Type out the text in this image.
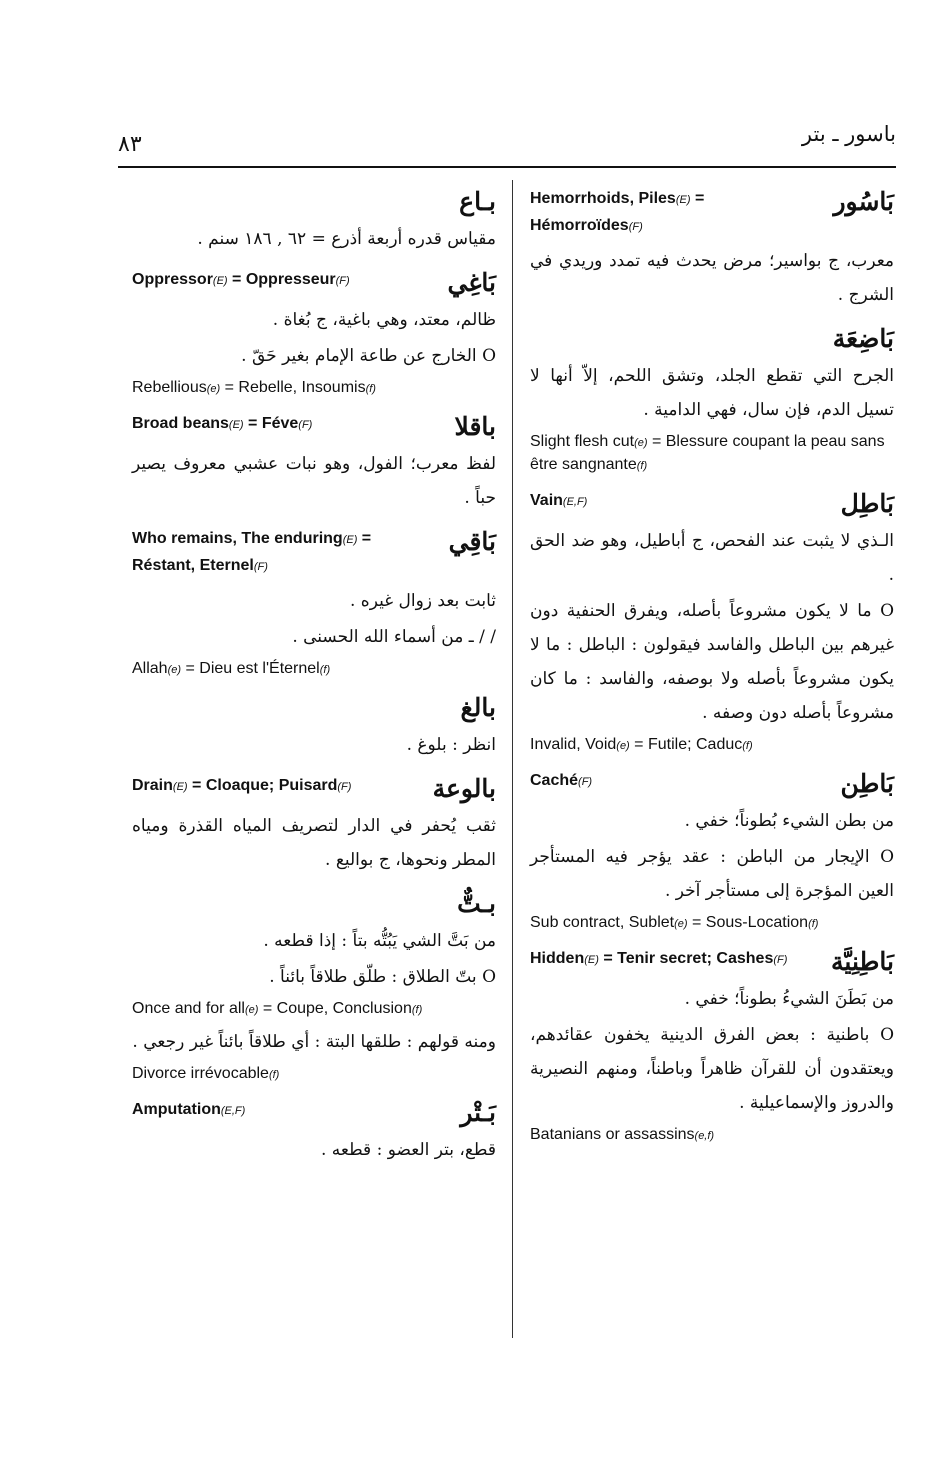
٨٣	باسور ـ بتر
Hemorrhoids, Piles(E) = Hémorroïdes(F)
بَاسُور
معرب، ج بواسير؛ مرض يحدث فيه تمدد وريدي في الشرج .
بَاضِعَة
الجرح التي تقطع الجلد، وتشق اللحم، إلاّ أنها لا تسيل الدم، فإن سال، فهي الدامية .
Slight flesh cut(e) = Blessure coupant la peau sans être sangnante(f)
Vain(E,F)	بَاطِل
الـذي لا يثبت عند الفحص، ج أباطيل، وهو ضد الحق .
O ما لا يكون مشروعاً بأصله، ويفرق الحنفية دون غيرهم بين الباطل والفاسد فيقولون : الباطل : ما لا يكون مشروعاً بأصله ولا بوصفه، والفاسد : ما كان مشروعاً بأصله دون وصفه .
Invalid, Void(e) = Futile; Caduc(f)
Caché(F)	بَاطِن
من بطن الشيء بُطوناً؛ خفي .
O الإيجار من الباطن : عقد يؤجر فيه المستأجر العين المؤجرة إلى مستأجر آخر .
Sub contract, Sublet(e) = Sous-Location(f)
Hidden(E) = Tenir secret; Cashes(F) بَاطِنِيَّة
من بَطَنَ الشيءُ بطوناً؛ خفي .
O باطنية : بعض الفرق الدينية يخفون عقائدهم، ويعتقدون أن للقرآن ظاهراً وباطناً، ومنهم النصيرية والدروز والإسماعيلية .
Batanians or assassins(e,f)
بـاع
مقياس قدره أربعة أذرع = ٦٢ , ١٨٦ سنم .
Oppressor(E) = Oppresseur(F)	بَاغِي
ظالم، معتد، وهي باغية، ج بُغاة .
O الخارج عن طاعة الإمام بغير حَقّ .
Rebellious(e) = Rebelle, Insoumis(f)
Broad beans(E) = Féve(F)	باقلا
لفظ معرب؛ الفول، وهو نبات عشبي معروف يصير حباً .
Who remains, The enduring(E) = Réstant, Eternel(F)
بَاقِي
ثابت بعد زوال غيره .
/ / ـ من أسماء الله الحسنى .
Allah(e) = Dieu est l'Éternel(f)
بالغ
انظر : بلوغ .
Drain(E) = Cloaque; Puisard(F)	بالوعة
ثقب يُحفر في الدار لتصريف المياه القذرة ومياه المطر ونحوها، ج بواليع .
بـتٌّ
من بَتَّ الشي يَبُتُّه بتاً : إذا قطعه .
O بتّ الطلاق : طلّق طلاقاً بائناً .
Once and for all(e) = Coupe, Conclusion(f)
ومنه قولهم : طلقها البتة : أي طلاقاً بائناً غير رجعي .
Divorce irrévocable(f)
Amputation(E,F)	بَـتْر
قطع، بتر العضو : قطعه .
